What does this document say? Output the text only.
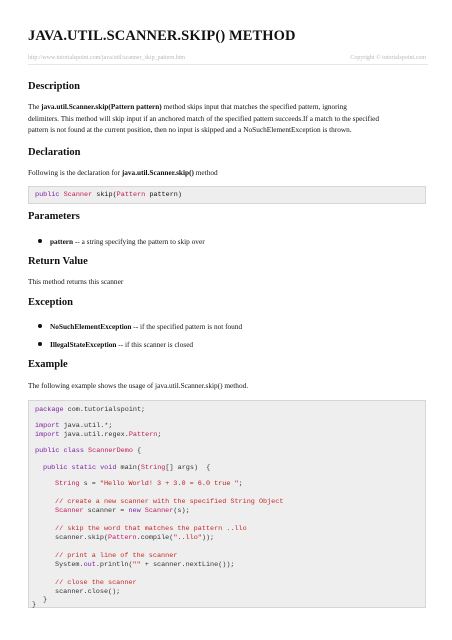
JAVA.UTIL.SCANNER.SKIP() METHOD
http://www.tutorialspoint.com/java/util/scanner_skip_pattern.htm	Copyright © tutorialspoint.com
Description
The java.util.Scanner.skip(Pattern pattern) method skips input that matches the specified pattern, ignoring
delimiters. This method will skip input if an anchored match of the specified pattern succeeds.If a match to the specified
pattern is not found at the current position, then no input is skipped and a NoSuchElementException is thrown.
Declaration
Following is the declaration for java.util.Scanner.skip() method
public Scanner skip(Pattern pattern)
Parameters
pattern -- a string specifying the pattern to skip over
Return Value
This method returns this scanner
Exception
NoSuchElementException -- if the specified pattern is not found
IllegalStateException -- if this scanner is closed
Example
The following example shows the usage of java.util.Scanner.skip() method.
package com.tutorialspoint;
import java.util.*;
import java.util.regex.Pattern;
public class ScannerDemo {
public static void main(String[] args)  {
String s = "Hello World! 3 + 3.0 = 6.0 true ";
// create a new scanner with the specified String Object
Scanner scanner = new Scanner(s);
// skip the word that matches the pattern ..llo
scanner.skip(Pattern.compile("..llo"));
// print a line of the scanner
System.out.println("" + scanner.nextLine());
// close the scanner
scanner.close();
}
}
